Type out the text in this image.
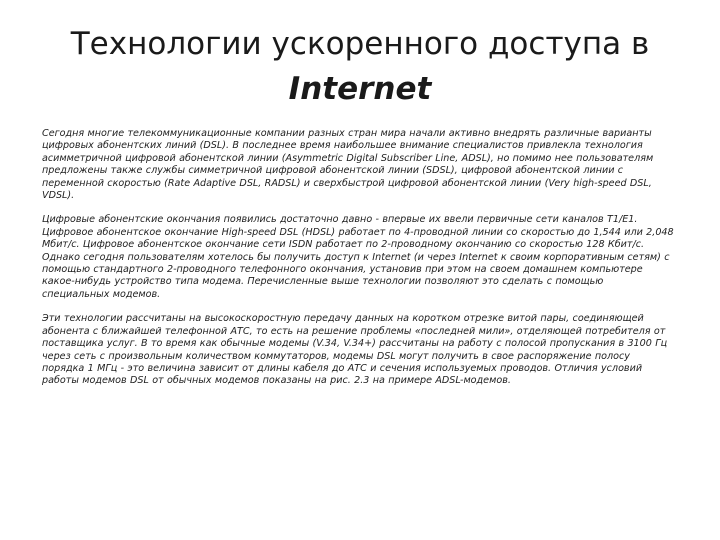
Технологии ускоренного доступа в
Internet

Сегодня многие телекоммуникационные компании разных стран мира начали активно внедрять различные варианты цифровых абонентских линий (DSL). В последнее время наибольшее внимание специалистов привлекла технология асимметричной цифровой абонентской линии (Asymmetric Digital Subscriber Line, ADSL), но помимо нее пользователям предложены также службы симметричной цифровой абонентской линии (SDSL), цифровой абонентской линии с переменной скоростью (Rate Adaptive DSL, RADSL) и сверхбыстрой цифровой абонентской линии (Very high-speed DSL, VDSL).

Цифровые абонентские окончания появились достаточно давно - впервые их ввели первичные сети каналов T1/E1. Цифровое абонентское окончание High-speed DSL (HDSL) работает по 4-проводной линии со скоростью до 1,544 или 2,048 Мбит/с. Цифровое абонентское окончание сети ISDN работает по 2-проводному окончанию со скоростью 128 Кбит/с. Однако сегодня пользователям хотелось бы получить доступ к Internet (и через Internet к своим корпоративным сетям) с помощью стандартного 2-проводного телефонного окончания, установив при этом на своем домашнем компьютере какое-нибудь устройство типа модема. Перечисленные выше технологии позволяют это сделать с помощью специальных модемов.

Эти технологии рассчитаны на высокоскоростную передачу данных на коротком отрезке витой пары, соединяющей абонента с ближайшей телефонной АТС, то есть на решение проблемы «последней мили», отделяющей потребителя от поставщика услуг. В то время как обычные модемы (V.34, V.34+) рассчитаны на работу с полосой пропускания в 3100 Гц через сеть с произвольным количеством коммутаторов, модемы DSL могут получить в свое распоряжение полосу порядка 1 МГц - это величина зависит от длины кабеля до АТС и сечения используемых проводов. Отличия условий работы модемов DSL от обычных модемов показаны на рис. 2.3 на примере ADSL-модемов.
